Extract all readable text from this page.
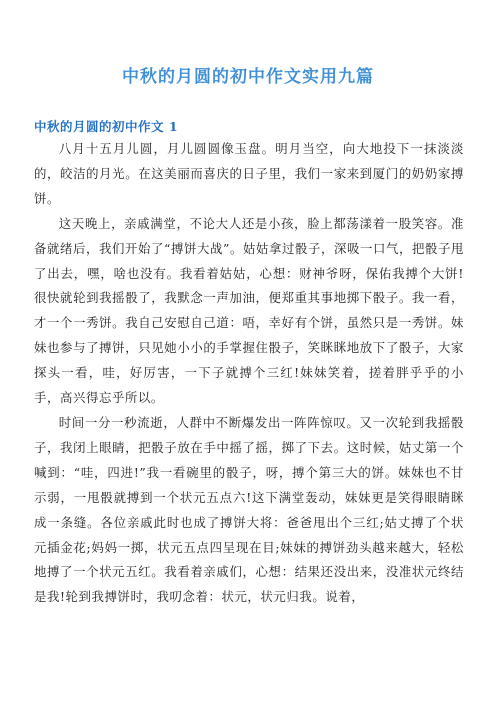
中秋的月圆的初中作文实用九篇
中秋的月圆的初中作文 1

八月十五月儿圆，月儿圆圆像玉盘。明月当空，向大地投下一抹淡淡的，皎洁的月光。在这美丽而喜庆的日子里，我们一家来到厦门的奶奶家搏饼。

这天晚上，亲戚满堂，不论大人还是小孩，脸上都荡漾着一股笑容。准备就绪后，我们开始了“搏饼大战”。姑姑拿过骰子，深吸一口气，把骰子甩了出去，嘿，啥也没有。我看着姑姑，心想：财神爷呀，保佑我搏个大饼!很快就轮到我摇骰了，我默念一声加油，便郑重其事地掷下骰子。我一看，才一个一秀饼。我自己安慰自己道：唔，幸好有个饼，虽然只是一秀饼。妹妹也参与了搏饼，只见她小小的手掌握住骰子，笑眯眯地放下了骰子，大家探头一看，哇，好厉害，一下子就搏个三红!妹妹笑着，搓着胖乎乎的小手，高兴得忘乎所以。

时间一分一秒流逝，人群中不断爆发出一阵阵惊叹。又一次轮到我摇骰子，我闭上眼睛，把骰子放在手中摇了摇，掷了下去。这时候，姑丈第一个喊到：“哇，四进!”我一看碗里的骰子，呀，搏个第三大的饼。妹妹也不甘示弱，一甩骰就搏到一个状元五点六!这下满堂轰动，妹妹更是笑得眼睛眯成一条缝。各位亲戚此时也成了搏饼大将：爸爸甩出个三红;姑丈搏了个状元插金花;妈妈一掷，状元五点四呈现在目;妹妹的搏饼劲头越来越大，轻松地搏了一个状元五红。我看着亲戚们，心想：结果还没出来，没准状元终结是我!轮到我搏饼时，我叨念着：状元，状元归我。说着，
